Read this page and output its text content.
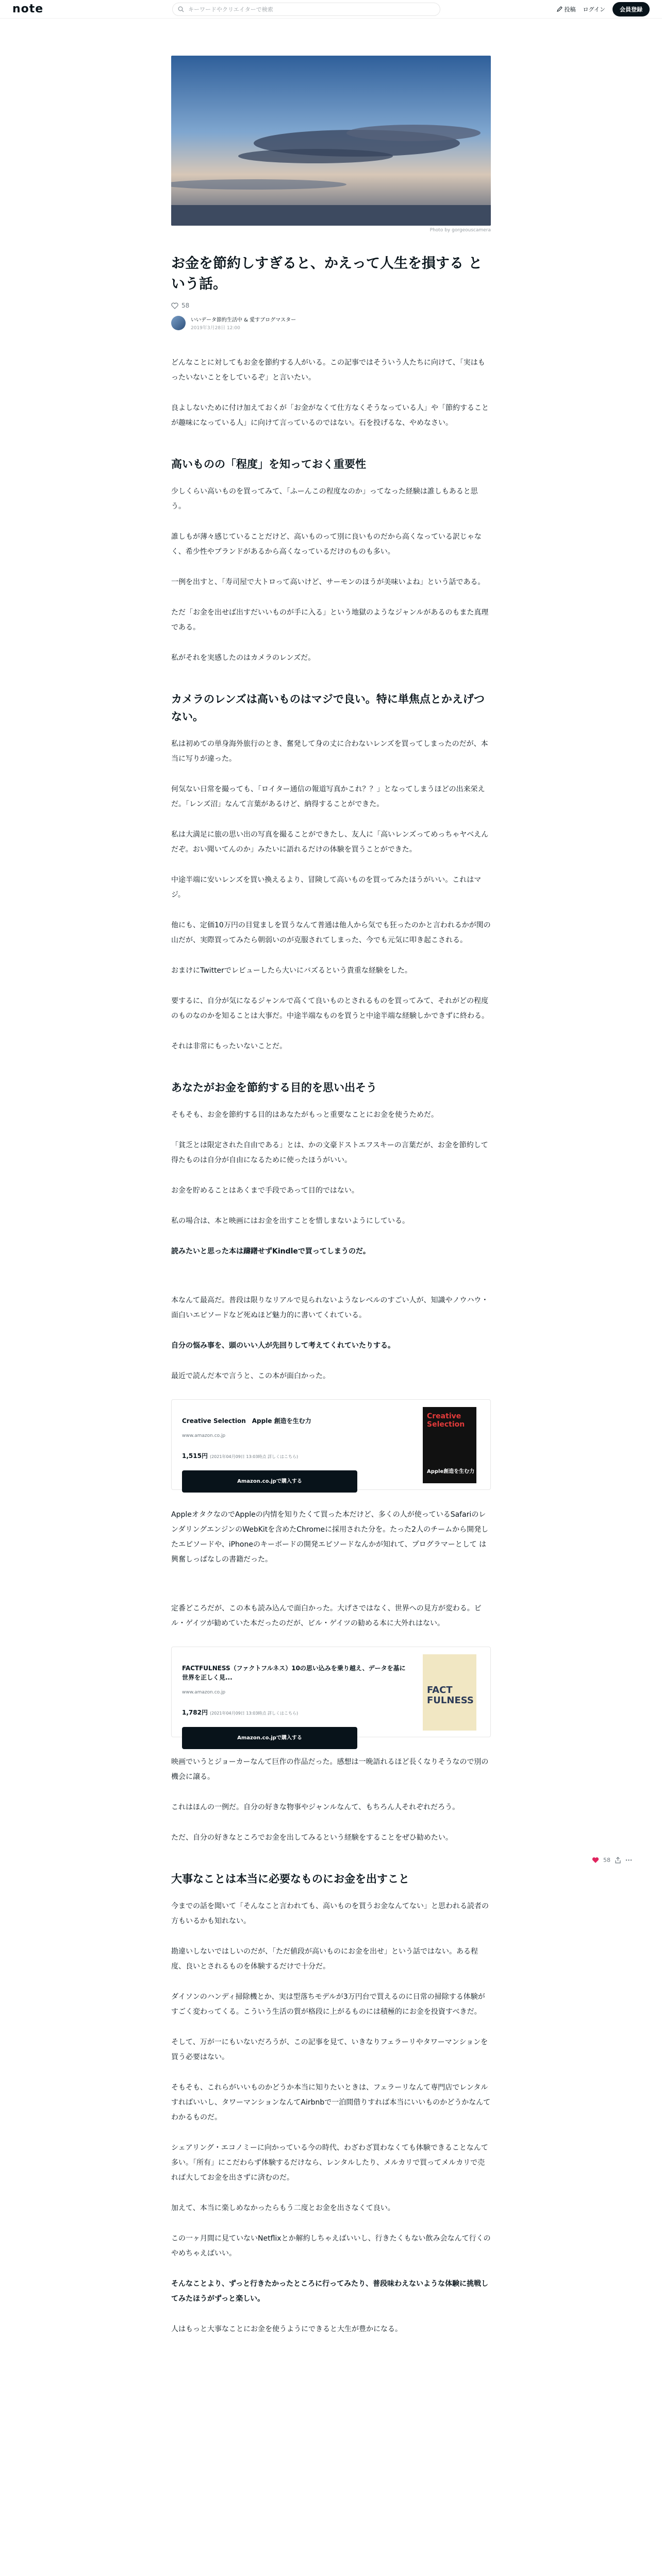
note	キーワードやクリエイターで検索	投稿 ログイン	会員登録
Photo by gorgeouscamera
お金を節約しすぎると、かえって人生を損する という話。
58
いいデータ節約生活中 & 愛すブログマスター
2019年3月28日 12:00

どんなことに対してもお金を節約する人がいる。この記事ではそういう人たちに向けて、「実はもったいないことをしているぞ」と言いたい。

良よしないために付け加えておくが「お金がなくて仕方なくそうなっている人」や「節約することが趣味になっている人」に向けて言っているのではない。石を投げるな、やめなさい。

高いものの「程度」を知っておく重要性

少しくらい高いものを買ってみて、「ふーんこの程度なのか」ってなった経験は誰しもあると思う。

誰しもが薄々感じていることだけど、高いものって別に良いものだから高くなっている訳じゃなく、希少性やブランドがあるから高くなっているだけのものも多い。

一例を出すと、「寿司屋で大トロって高いけど、サーモンのほうが美味いよね」という話である。

ただ「お金を出せば出すだいいものが手に入る」という地獄のようなジャンルがあるのもまた真理である。

私がそれを実感したのはカメラのレンズだ。

カメラのレンズは高いものはマジで良い。特に単焦点とかえげつない。

私は初めての単身海外旅行のとき、奮発して身の丈に合わないレンズを買ってしまったのだが、本当に写りが違った。

何気ない日常を撮っても、「ロイター通信の報道写真かこれ？？」となってしまうほどの出来栄えだ。「レンズ沼」なんて言葉があるけど、納得することができた。

私は大満足に旅の思い出の写真を撮ることができたし、友人に「高いレンズってめっちゃヤベえんだぞ。おい聞いてんのか」みたいに語れるだけの体験を買うことができた。

中途半端に安いレンズを買い換えるより、冒険して高いものを買ってみたほうがいい。これはマジ。

他にも、定価10万円の目覚ましを買うなんて普通は他人から気でも狂ったのかと言われるかが関の山だが、実際買ってみたら朝弱いのが克服されてしまった、今でも元気に叩き起こされる。

おまけにTwitterでレビューしたら大いにバズるという貴重な経験をした。

要するに、自分が気になるジャンルで高くて良いものとされるものを買ってみて、それがどの程度のものなのかを知ることは大事だ。中途半端なものを買うと中途半端な経験しかできずに終わる。

それは非常にもったいないことだ。

あなたがお金を節約する目的を思い出そう

そもそも、お金を節約する目的はあなたがもっと重要なことにお金を使うためだ。

「貧乏とは限定された自由である」とは、かの文豪ドストエフスキーの言葉だが、お金を節約して得たものは自分が自由になるために使ったほうがいい。

お金を貯めることはあくまで手段であって目的ではない。

私の場合は、本と映画にはお金を出すことを惜しまないようにしている。

読みたいと思った本は躊躇せずKindleで買ってしまうのだ。

本なんて最高だ。普段は限りなリアルで見られないようなレベルのすごい人が、知識やノウハウ・面白いエピソードなど死ぬほど魅力的に書いてくれている。

自分の悩み事を、頭のいい人が先回りして考えてくれていたりする。

最近で読んだ本で言うと、この本が面白かった。

Creative Selection　Apple 創造を生む力
www.amazon.co.jp
1,515円 (2021年04月09日 13:03時点 詳しくはこちら)
Amazon.co.jpで購入する
Creative Selection
Apple創造を生む力

AppleオタクなのでAppleの内情を知りたくて買った本だけど、多くの人が使っているSafariのレンダリングエンジンのWebKitを含めたChromeに採用された分を。たった2人のチームから開発したエピソードや、iPhoneのキーボードの開発エピソードなんかが知れて、プログラマーとして は興奮しっぱなしの書籍だった。

定番どころだが、この本も読み込んで面白かった。大げさではなく、世界への見方が変わる。ビル・ゲイツが勧めていた本だったのだが、ビル・ゲイツの勧める本に大外れはない。

FACTFULNESS（ファクトフルネス）10の思い込みを乗り越え、データを基に世界を正しく見...
www.amazon.co.jp
1,782円 (2021年04月09日 13:03時点 詳しくはこちら)
Amazon.co.jpで購入する
FACT FULNESS

映画でいうとジョーカーなんて巨作の作品だった。感想は一晩語れるほど長くなりそうなので別の機会に譲る。

これはほんの一例だ。自分の好きな物事やジャンルなんて、もちろん人それぞれだろう。

ただ、自分の好きなところでお金を出してみるという経験をすることをぜひ勧めたい。

大事なことは本当に必要なものにお金を出すこと

今までの話を聞いて「そんなこと言われても、高いものを買うお金なんてない」と思われる読者の方もいるかも知れない。

勘違いしないではしいのだが、「ただ値段が高いものにお金を出せ」という話ではない。ある程度、良いとされるものを体験するだけで十分だ。

ダイソンのハンディ掃除機とか、実は型落ちモデルが3万円台で買えるのに日常の掃除する体験がすごく変わってくる。こういう生活の質が格段に上がるものには積極的にお金を投資すべきだ。

そして、万が一にもいないだろうが、この記事を見て、いきなりフェラーリやタワーマンションを買う必要はない。

そもそも、これらがいいものかどうか本当に知りたいときは、フェラーリなんて専門店でレンタルすればいいし、タワーマンションなんてAirbnbで一泊間借りすれば本当にいいものかどうかなんてわかるものだ。

シェアリング・エコノミーに向かっている今の時代、わざわざ買わなくても体験できることなんて多い。「所有」にこだわらず体験するだけなら、レンタルしたり、メルカリで買ってメルカリで売れば大してお金を出さずに済むのだ。

加えて、本当に楽しめなかったらもう二度とお金を出さなくて良い。

この一ヶ月間に見ていないNetflixとか解約しちゃえばいいし、行きたくもない飲み会なんて行くのやめちゃえばいい。

そんなことより、ずっと行きたかったところに行ってみたり、普段味わえないような体験に挑戦してみたほうがずっと楽しい。

人はもっと大事なことにお金を使うようにできると大生が豊かになる。

58
